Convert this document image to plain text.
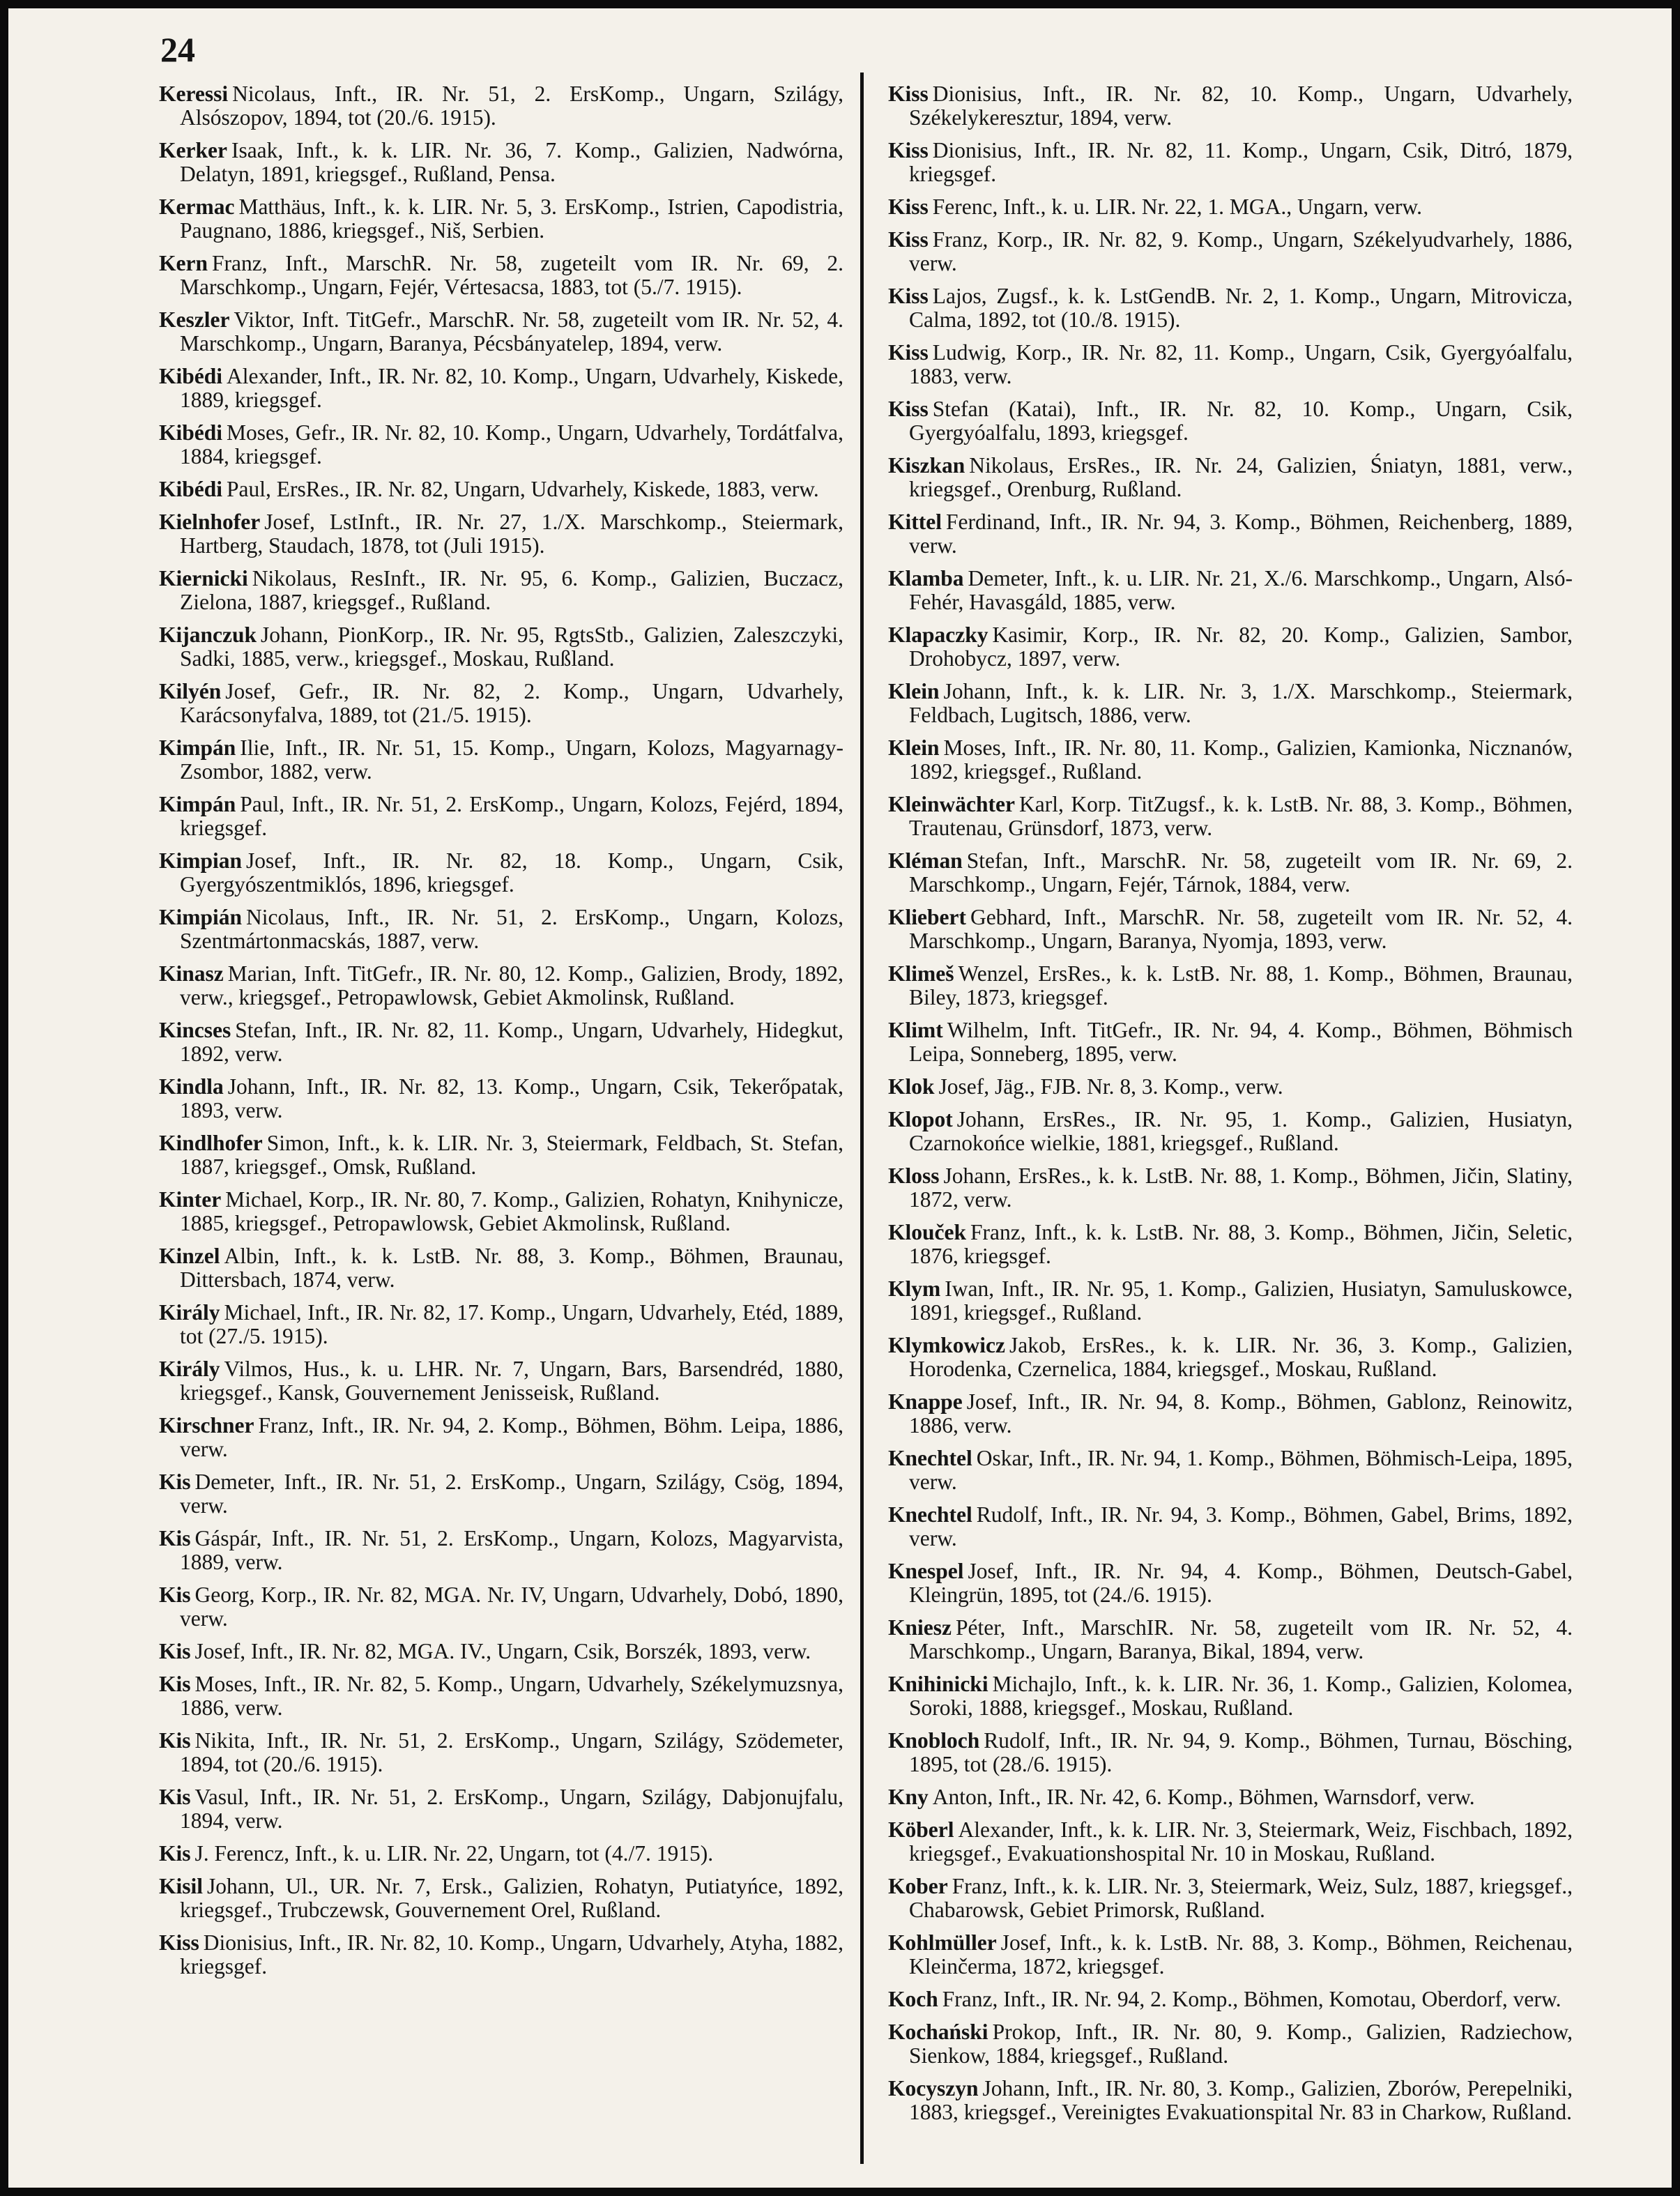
24

Keressi Nicolaus, Inft., IR. Nr. 51, 2. ErsKomp., Ungarn, Szilágy, Alsószopov, 1894, tot (20./6. 1915).

Kerker Isaak, Inft., k. k. LIR. Nr. 36, 7. Komp., Galizien, Nadwórna, Delatyn, 1891, kriegsgef., Rußland, Pensa.

Kermac Matthäus, Inft., k. k. LIR. Nr. 5, 3. ErsKomp., Istrien, Capodistria, Paugnano, 1886, kriegsgef., Niš, Serbien.

Kern Franz, Inft., MarschR. Nr. 58, zugeteilt vom IR. Nr. 69, 2. Marschkomp., Ungarn, Fejér, Vértesacsa, 1883, tot (5./7. 1915).

Keszler Viktor, Inft. TitGefr., MarschR. Nr. 58, zugeteilt vom IR. Nr. 52, 4. Marschkomp., Ungarn, Baranya, Pécsbányatelep, 1894, verw.

Kibédi Alexander, Inft., IR. Nr. 82, 10. Komp., Ungarn, Udvarhely, Kiskede, 1889, kriegsgef.

Kibédi Moses, Gefr., IR. Nr. 82, 10. Komp., Ungarn, Udvarhely, Tordátfalva, 1884, kriegsgef.

Kibédi Paul, ErsRes., IR. Nr. 82, Ungarn, Udvarhely, Kiskede, 1883, verw.

Kielnhofer Josef, LstInft., IR. Nr. 27, 1./X. Marschkomp., Steiermark, Hartberg, Staudach, 1878, tot (Juli 1915).

Kiernicki Nikolaus, ResInft., IR. Nr. 95, 6. Komp., Galizien, Buczacz, Zielona, 1887, kriegsgef., Rußland.

Kijanczuk Johann, PionKorp., IR. Nr. 95, RgtsStb., Galizien, Zaleszczyki, Sadki, 1885, verw., kriegsgef., Moskau, Rußland.

Kilyén Josef, Gefr., IR. Nr. 82, 2. Komp., Ungarn, Udvarhely, Karácsonyfalva, 1889, tot (21./5. 1915).

Kimpán Ilie, Inft., IR. Nr. 51, 15. Komp., Ungarn, Kolozs, Magyarnagy-Zsombor, 1882, verw.

Kimpán Paul, Inft., IR. Nr. 51, 2. ErsKomp., Ungarn, Kolozs, Fejérd, 1894, kriegsgef.

Kimpian Josef, Inft., IR. Nr. 82, 18. Komp., Ungarn, Csik, Gyergyószentmiklós, 1896, kriegsgef.

Kimpián Nicolaus, Inft., IR. Nr. 51, 2. ErsKomp., Ungarn, Kolozs, Szentmártonmacskás, 1887, verw.

Kinasz Marian, Inft. TitGefr., IR. Nr. 80, 12. Komp., Galizien, Brody, 1892, verw., kriegsgef., Petropawlowsk, Gebiet Akmolinsk, Rußland.

Kincses Stefan, Inft., IR. Nr. 82, 11. Komp., Ungarn, Udvarhely, Hidegkut, 1892, verw.

Kindla Johann, Inft., IR. Nr. 82, 13. Komp., Ungarn, Csik, Tekerőpatak, 1893, verw.

Kindlhofer Simon, Inft., k. k. LIR. Nr. 3, Steiermark, Feldbach, St. Stefan, 1887, kriegsgef., Omsk, Rußland.

Kinter Michael, Korp., IR. Nr. 80, 7. Komp., Galizien, Rohatyn, Knihynicze, 1885, kriegsgef., Petropawlowsk, Gebiet Akmolinsk, Rußland.

Kinzel Albin, Inft., k. k. LstB. Nr. 88, 3. Komp., Böhmen, Braunau, Dittersbach, 1874, verw.

Király Michael, Inft., IR. Nr. 82, 17. Komp., Ungarn, Udvarhely, Etéd, 1889, tot (27./5. 1915).

Király Vilmos, Hus., k. u. LHR. Nr. 7, Ungarn, Bars, Barsendréd, 1880, kriegsgef., Kansk, Gouvernement Jenisseisk, Rußland.

Kirschner Franz, Inft., IR. Nr. 94, 2. Komp., Böhmen, Böhm. Leipa, 1886, verw.

Kis Demeter, Inft., IR. Nr. 51, 2. ErsKomp., Ungarn, Szilágy, Csög, 1894, verw.

Kis Gáspár, Inft., IR. Nr. 51, 2. ErsKomp., Ungarn, Kolozs, Magyarvista, 1889, verw.

Kis Georg, Korp., IR. Nr. 82, MGA. Nr. IV, Ungarn, Udvarhely, Dobó, 1890, verw.

Kis Josef, Inft., IR. Nr. 82, MGA. IV., Ungarn, Csik, Borszék, 1893, verw.

Kis Moses, Inft., IR. Nr. 82, 5. Komp., Ungarn, Udvarhely, Székelymuzsnya, 1886, verw.

Kis Nikita, Inft., IR. Nr. 51, 2. ErsKomp., Ungarn, Szilágy, Szödemeter, 1894, tot (20./6. 1915).

Kis Vasul, Inft., IR. Nr. 51, 2. ErsKomp., Ungarn, Szilágy, Dabjonujfalu, 1894, verw.

Kis J. Ferencz, Inft., k. u. LIR. Nr. 22, Ungarn, tot (4./7. 1915).

Kisil Johann, Ul., UR. Nr. 7, Ersk., Galizien, Rohatyn, Putiatyńce, 1892, kriegsgef., Trubczewsk, Gouvernement Orel, Rußland.

Kiss Dionisius, Inft., IR. Nr. 82, 10. Komp., Ungarn, Udvarhely, Atyha, 1882, kriegsgef.

Kiss Dionisius, Inft., IR. Nr. 82, 10. Komp., Ungarn, Udvarhely, Székelykeresztur, 1894, verw.

Kiss Dionisius, Inft., IR. Nr. 82, 11. Komp., Ungarn, Csik, Ditró, 1879, kriegsgef.

Kiss Ferenc, Inft., k. u. LIR. Nr. 22, 1. MGA., Ungarn, verw.

Kiss Franz, Korp., IR. Nr. 82, 9. Komp., Ungarn, Székelyudvarhely, 1886, verw.

Kiss Lajos, Zugsf., k. k. LstGendB. Nr. 2, 1. Komp., Ungarn, Mitrovicza, Calma, 1892, tot (10./8. 1915).

Kiss Ludwig, Korp., IR. Nr. 82, 11. Komp., Ungarn, Csik, Gyergyóalfalu, 1883, verw.

Kiss Stefan (Katai), Inft., IR. Nr. 82, 10. Komp., Ungarn, Csik, Gyergyóalfalu, 1893, kriegsgef.

Kiszkan Nikolaus, ErsRes., IR. Nr. 24, Galizien, Śniatyn, 1881, verw., kriegsgef., Orenburg, Rußland.

Kittel Ferdinand, Inft., IR. Nr. 94, 3. Komp., Böhmen, Reichenberg, 1889, verw.

Klamba Demeter, Inft., k. u. LIR. Nr. 21, X./6. Marschkomp., Ungarn, Alsó-Fehér, Havasgáld, 1885, verw.

Klapaczky Kasimir, Korp., IR. Nr. 82, 20. Komp., Galizien, Sambor, Drohobycz, 1897, verw.

Klein Johann, Inft., k. k. LIR. Nr. 3, 1./X. Marschkomp., Steiermark, Feldbach, Lugitsch, 1886, verw.

Klein Moses, Inft., IR. Nr. 80, 11. Komp., Galizien, Kamionka, Nicznanów, 1892, kriegsgef., Rußland.

Kleinwächter Karl, Korp. TitZugsf., k. k. LstB. Nr. 88, 3. Komp., Böhmen, Trautenau, Grünsdorf, 1873, verw.

Kléman Stefan, Inft., MarschR. Nr. 58, zugeteilt vom IR. Nr. 69, 2. Marschkomp., Ungarn, Fejér, Tárnok, 1884, verw.

Kliebert Gebhard, Inft., MarschR. Nr. 58, zugeteilt vom IR. Nr. 52, 4. Marschkomp., Ungarn, Baranya, Nyomja, 1893, verw.

Klimeš Wenzel, ErsRes., k. k. LstB. Nr. 88, 1. Komp., Böhmen, Braunau, Biley, 1873, kriegsgef.

Klimt Wilhelm, Inft. TitGefr., IR. Nr. 94, 4. Komp., Böhmen, Böhmisch Leipa, Sonneberg, 1895, verw.

Klok Josef, Jäg., FJB. Nr. 8, 3. Komp., verw.

Klopot Johann, ErsRes., IR. Nr. 95, 1. Komp., Galizien, Husiatyn, Czarnokońce wielkie, 1881, kriegsgef., Rußland.

Kloss Johann, ErsRes., k. k. LstB. Nr. 88, 1. Komp., Böhmen, Jičin, Slatiny, 1872, verw.

Klouček Franz, Inft., k. k. LstB. Nr. 88, 3. Komp., Böhmen, Jičin, Seletic, 1876, kriegsgef.

Klym Iwan, Inft., IR. Nr. 95, 1. Komp., Galizien, Husiatyn, Samuluskowce, 1891, kriegsgef., Rußland.

Klymkowicz Jakob, ErsRes., k. k. LIR. Nr. 36, 3. Komp., Galizien, Horodenka, Czernelica, 1884, kriegsgef., Moskau, Rußland.

Knappe Josef, Inft., IR. Nr. 94, 8. Komp., Böhmen, Gablonz, Reinowitz, 1886, verw.

Knechtel Oskar, Inft., IR. Nr. 94, 1. Komp., Böhmen, Böhmisch-Leipa, 1895, verw.

Knechtel Rudolf, Inft., IR. Nr. 94, 3. Komp., Böhmen, Gabel, Brims, 1892, verw.

Knespel Josef, Inft., IR. Nr. 94, 4. Komp., Böhmen, Deutsch-Gabel, Kleingrün, 1895, tot (24./6. 1915).

Kniesz Péter, Inft., MarschIR. Nr. 58, zugeteilt vom IR. Nr. 52, 4. Marschkomp., Ungarn, Baranya, Bikal, 1894, verw.

Knihinicki Michajlo, Inft., k. k. LIR. Nr. 36, 1. Komp., Galizien, Kolomea, Soroki, 1888, kriegsgef., Moskau, Rußland.

Knobloch Rudolf, Inft., IR. Nr. 94, 9. Komp., Böhmen, Turnau, Bösching, 1895, tot (28./6. 1915).

Kny Anton, Inft., IR. Nr. 42, 6. Komp., Böhmen, Warnsdorf, verw.

Köberl Alexander, Inft., k. k. LIR. Nr. 3, Steiermark, Weiz, Fischbach, 1892, kriegsgef., Evakuationshospital Nr. 10 in Moskau, Rußland.

Kober Franz, Inft., k. k. LIR. Nr. 3, Steiermark, Weiz, Sulz, 1887, kriegsgef., Chabarowsk, Gebiet Primorsk, Rußland.

Kohlmüller Josef, Inft., k. k. LstB. Nr. 88, 3. Komp., Böhmen, Reichenau, Kleinčerma, 1872, kriegsgef.

Koch Franz, Inft., IR. Nr. 94, 2. Komp., Böhmen, Komotau, Oberdorf, verw.

Kochański Prokop, Inft., IR. Nr. 80, 9. Komp., Galizien, Radziechow, Sienkow, 1884, kriegsgef., Rußland.

Kocyszyn Johann, Inft., IR. Nr. 80, 3. Komp., Galizien, Zborów, Perepelniki, 1883, kriegsgef., Vereinigtes Evakuationspital Nr. 83 in Charkow, Rußland.
